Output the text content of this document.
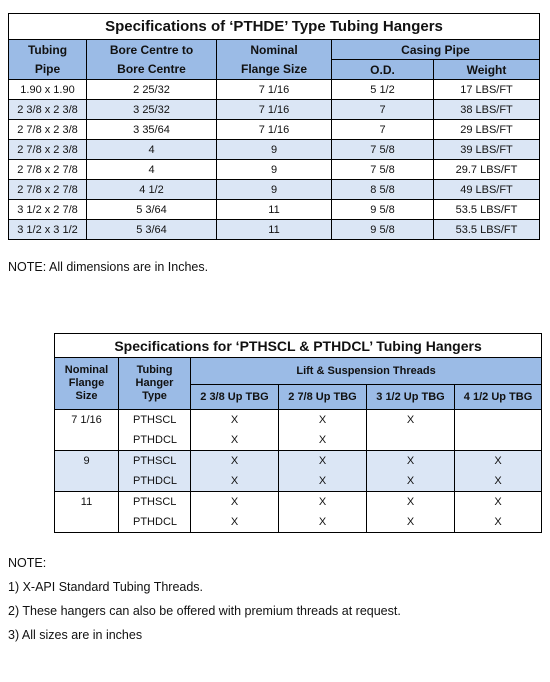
Specifications of ‘PTHDE’ Type Tubing Hangers				
Tubing	Bore Centre to	Nominal	Casing Pipe	
Pipe	Bore Centre	Flange Size	O.D.	Weight
1.90 x 1.90	2 25/32	7 1/16	5 1/2	17 LBS/FT
2 3/8 x 2 3/8	3 25/32	7 1/16	7	38 LBS/FT
2 7/8 x 2 3/8	3 35/64	7 1/16	7	29 LBS/FT
2 7/8 x 2 3/8	4	9	7 5/8	39 LBS/FT
2 7/8 x 2 7/8	4	9	7 5/8	29.7 LBS/FT
2 7/8 x 2 7/8	4 1/2	9	8 5/8	49 LBS/FT
3 1/2 x 2 7/8	5 3/64	11	9 5/8	53.5 LBS/FT
3 1/2 x 3 1/2	5 3/64	11	9 5/8	53.5 LBS/FT
NOTE: All dimensions are in Inches.
Specifications for ‘PTHSCL & PTHDCL’ Tubing Hangers					
Nominal
Flange
Size	Tubing
Hanger
Type	Lift & Suspension Threads			
		2 3/8 Up TBG	2 7/8 Up TBG	3 1/2 Up TBG	4 1/2 Up TBG
7 1/16	PTHSCL	X	X	X	
	PTHDCL	X	X		
9	PTHSCL	X	X	X	X
	PTHDCL	X	X	X	X
11	PTHSCL	X	X	X	X
	PTHDCL	X	X	X	X
NOTE:
1) X-API Standard Tubing Threads.
2) These hangers can also be offered with premium threads at request.
3) All sizes are in inches
